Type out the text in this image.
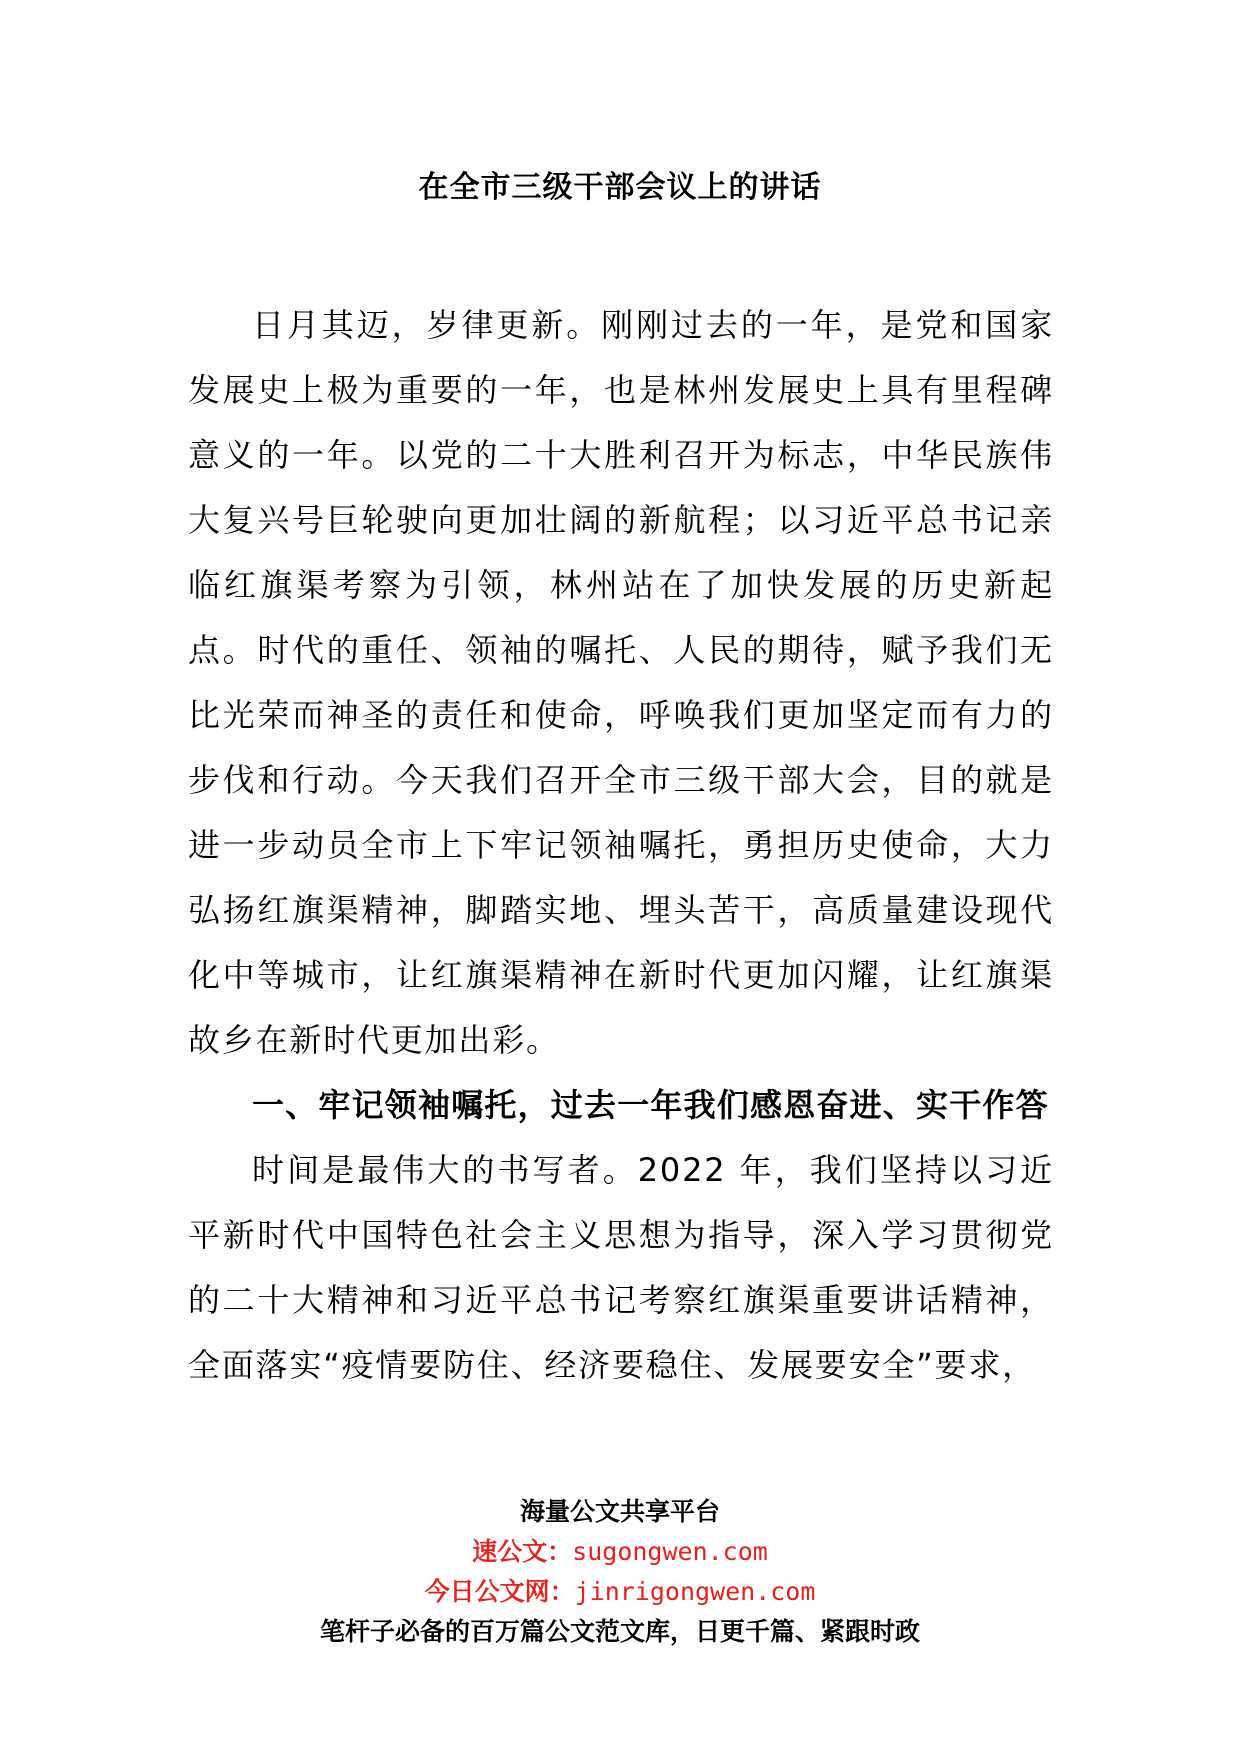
在全市三级干部会议上的讲话

日月其迈，岁律更新。刚刚过去的一年，是党和国家发展史上极为重要的一年，也是林州发展史上具有里程碑意义的一年。以党的二十大胜利召开为标志，中华民族伟大复兴号巨轮驶向更加壮阔的新航程；以习近平总书记亲临红旗渠考察为引领，林州站在了加快发展的历史新起点。时代的重任、领袖的嘱托、人民的期待，赋予我们无比光荣而神圣的责任和使命，呼唤我们更加坚定而有力的步伐和行动。今天我们召开全市三级干部大会，目的就是进一步动员全市上下牢记领袖嘱托，勇担历史使命，大力弘扬红旗渠精神，脚踏实地、埋头苦干，高质量建设现代化中等城市，让红旗渠精神在新时代更加闪耀，让红旗渠故乡在新时代更加出彩。

一、牢记领袖嘱托，过去一年我们感恩奋进、实干作答

时间是最伟大的书写者。2022 年，我们坚持以习近平新时代中国特色社会主义思想为指导，深入学习贯彻党的二十大精神和习近平总书记考察红旗渠重要讲话精神，全面落实“疫情要防住、经济要稳住、发展要安全”要求，

海量公文共享平台
速公文：sugongwen.com
今日公文网：jinrigongwen.com
笔杆子必备的百万篇公文范文库，日更千篇、紧跟时政
